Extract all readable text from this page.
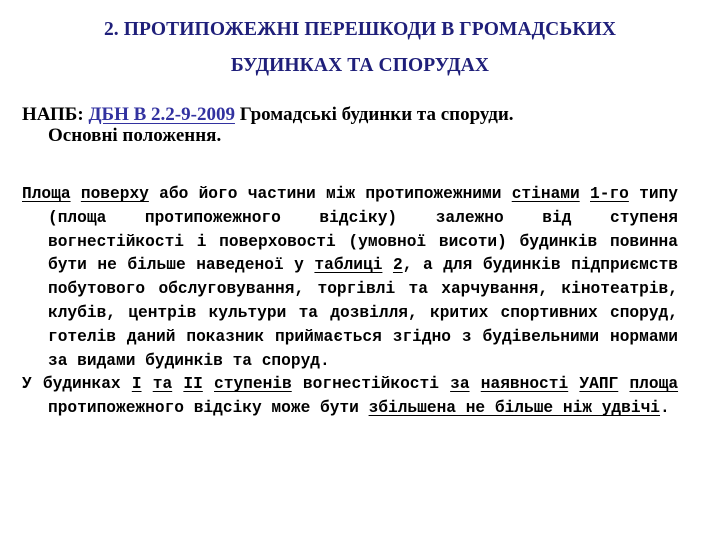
2. ПРОТИПОЖЕЖНІ ПЕРЕШКОДИ В ГРОМАДСЬКИХ
БУДИНКАХ ТА СПОРУДАХ
НАПБ: ДБН В 2.2-9-2009 Громадські будинки та споруди.
Основні положення.
Площа поверху або його частини між протипожежними стінами 1-го типу (площа протипожежного відсіку) залежно від ступеня вогнестійкості і поверховості (умовної висоти) будинків повинна бути не більше наведеної у таблиці 2, а для будинків підприємств побутового обслуговування, торгівлі та харчування, кінотеатрів, клубів, центрів культури та дозвілля, критих спортивних споруд, готелів даний показник приймається згідно з будівельними нормами за видами будинків та споруд.
У будинках І та ІІ ступенів вогнестійкості за наявності УАПГ площа протипожежного відсіку може бути збільшена не більше ніж удвічі.
